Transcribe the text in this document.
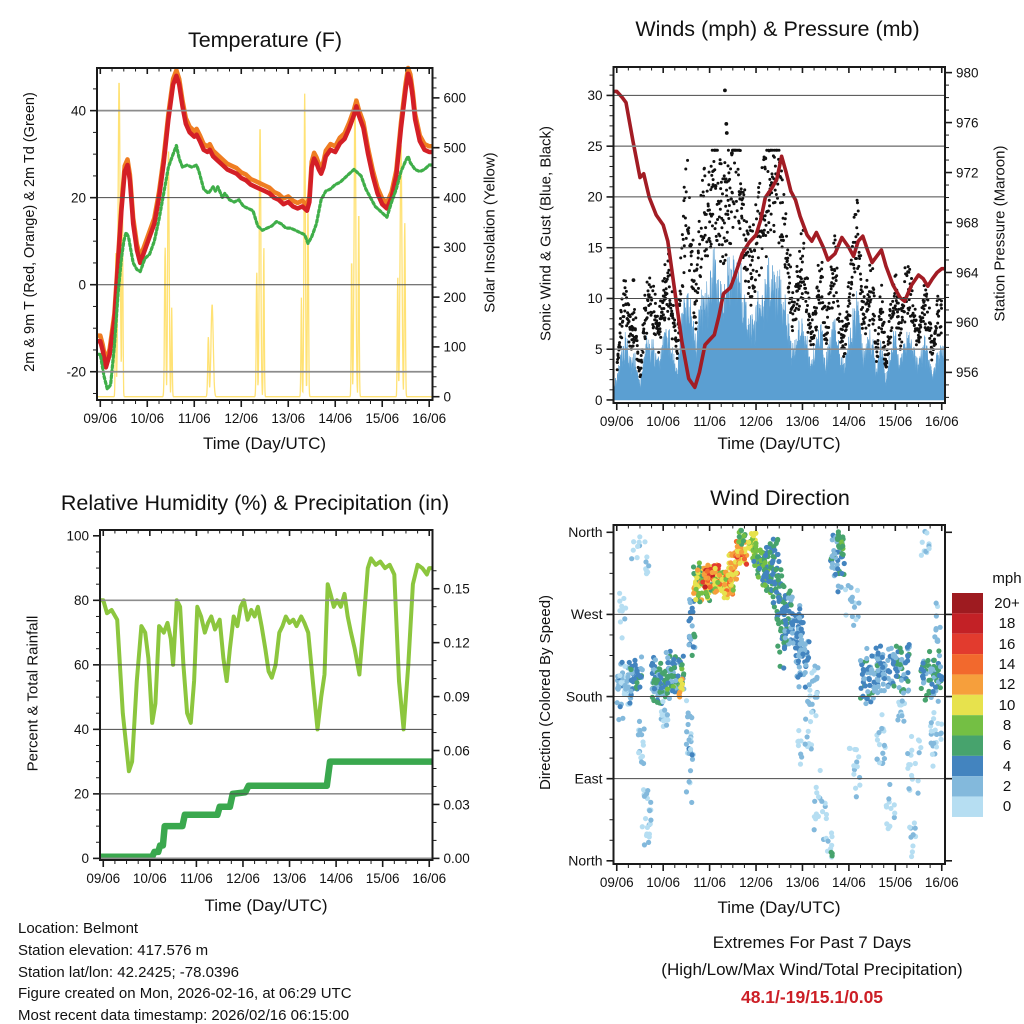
09/06 10/06 11/06 12/06 13/06 14/06 15/06 16/06
-20
0
20
40
0
100
200
300
400
500
600
09/06 10/06 11/06 12/06 13/06 14/06 15/06 16/06
0
5
10
15
20
25
30
956
960
964
968
972
976
980
09/06 10/06 11/06 12/06 13/06 14/06 15/06 16/06
0
20
40
60
80
100
0.00
0.03
0.06
0.09
0.12
0.15
09/06 10/06 11/06 12/06 13/06 14/06 15/06 16/06
North
West
South
East
North
Temperature (F)	Winds (mph) & Pressure (mb)
Relative Humidity (%) & Precipitation (in)	Wind Direction
2m & 9m T (Red, Orange) & 2m Td (Green)	Solar Insolation (Yellow)	Sonic Wind & Gust (Blue, Black)	Station Pressure (Maroon)
Percent & Total Rainfall	Direction (Colored By Speed)
Time (Day/UTC)	Time (Day/UTC)
Time (Day/UTC)	Time (Day/UTC)
mph
20+
18
16
14
12
10
8
6
4
2
0
Location: Belmont
Station elevation: 417.576 m
Station lat/lon: 42.2425; -78.0396
Figure created on Mon, 2026-02-16, at 06:29 UTC
Most recent data timestamp: 2026/02/16 06:15:00
Extremes For Past 7 Days
(High/Low/Max Wind/Total Precipitation)
48.1/-19/15.1/0.05
